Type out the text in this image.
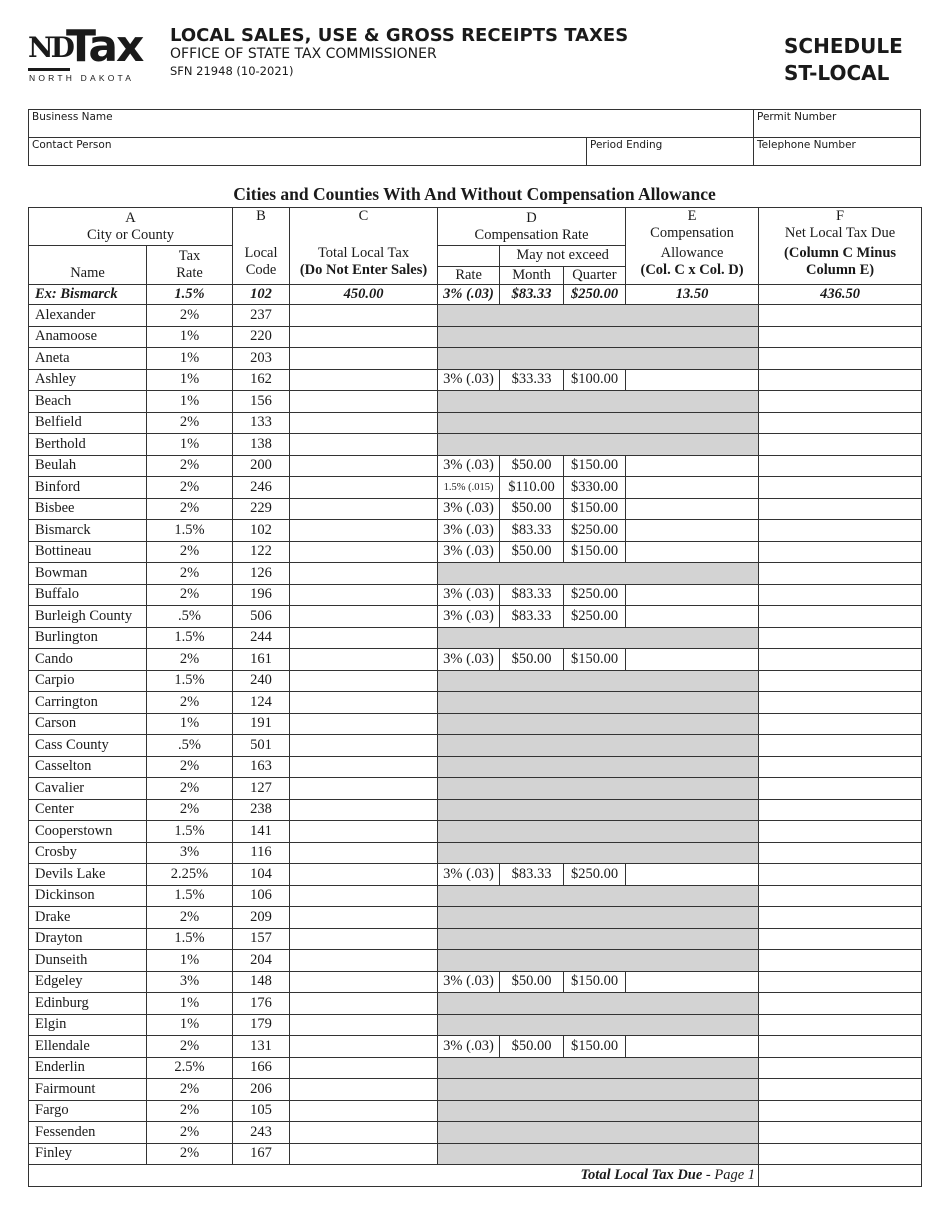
ND
Tax
NORTH DAKOTA
LOCAL SALES, USE & GROSS RECEIPTS TAXES
OFFICE OF STATE TAX COMMISSIONER
SFN 21948 (10-2021)
SCHEDULE
ST-LOCAL
Business Name	Permit Number
Contact Person	Period Ending	Telephone Number
Cities and Counties With And Without Compensation Allowance
A
City or County

B
Local
Code

C
Total Local Tax
(Do Not Enter Sales)

D
Compensation Rate

E
Compensation
Allowance
(Col. C x Col. D)

F
Net Local Tax Due
(Column C Minus
Column E)

Name	
Tax
Rate

	May not exceed
Rate	Month	Quarter

Ex: Bismarck	1.5%	102	450.00	3% (.03)	$83.33	$250.00	13.50	436.50
Alexander	2%	237			
Anamoose	1%	220			
Aneta	1%	203			
Ashley	1%	162		3% (.03)	$33.33	$100.00		
Beach	1%	156			
Belfield	2%	133			
Berthold	1%	138			
Beulah	2%	200		3% (.03)	$50.00	$150.00		
Binford	2%	246		1.5% (.015)	$110.00	$330.00		
Bisbee	2%	229		3% (.03)	$50.00	$150.00		
Bismarck	1.5%	102		3% (.03)	$83.33	$250.00		
Bottineau	2%	122		3% (.03)	$50.00	$150.00		
Bowman	2%	126			
Buffalo	2%	196		3% (.03)	$83.33	$250.00		
Burleigh County	.5%	506		3% (.03)	$83.33	$250.00		
Burlington	1.5%	244			
Cando	2%	161		3% (.03)	$50.00	$150.00		
Carpio	1.5%	240			
Carrington	2%	124			
Carson	1%	191			
Cass County	.5%	501			
Casselton	2%	163			
Cavalier	2%	127			
Center	2%	238			
Cooperstown	1.5%	141			
Crosby	3%	116			
Devils Lake	2.25%	104		3% (.03)	$83.33	$250.00		
Dickinson	1.5%	106			
Drake	2%	209			
Drayton	1.5%	157			
Dunseith	1%	204			
Edgeley	3%	148		3% (.03)	$50.00	$150.00		
Edinburg	1%	176			
Elgin	1%	179			
Ellendale	2%	131		3% (.03)	$50.00	$150.00		
Enderlin	2.5%	166			
Fairmount	2%	206			
Fargo	2%	105			
Fessenden	2%	243			
Finley	2%	167			
Total Local Tax Due - Page 1	
